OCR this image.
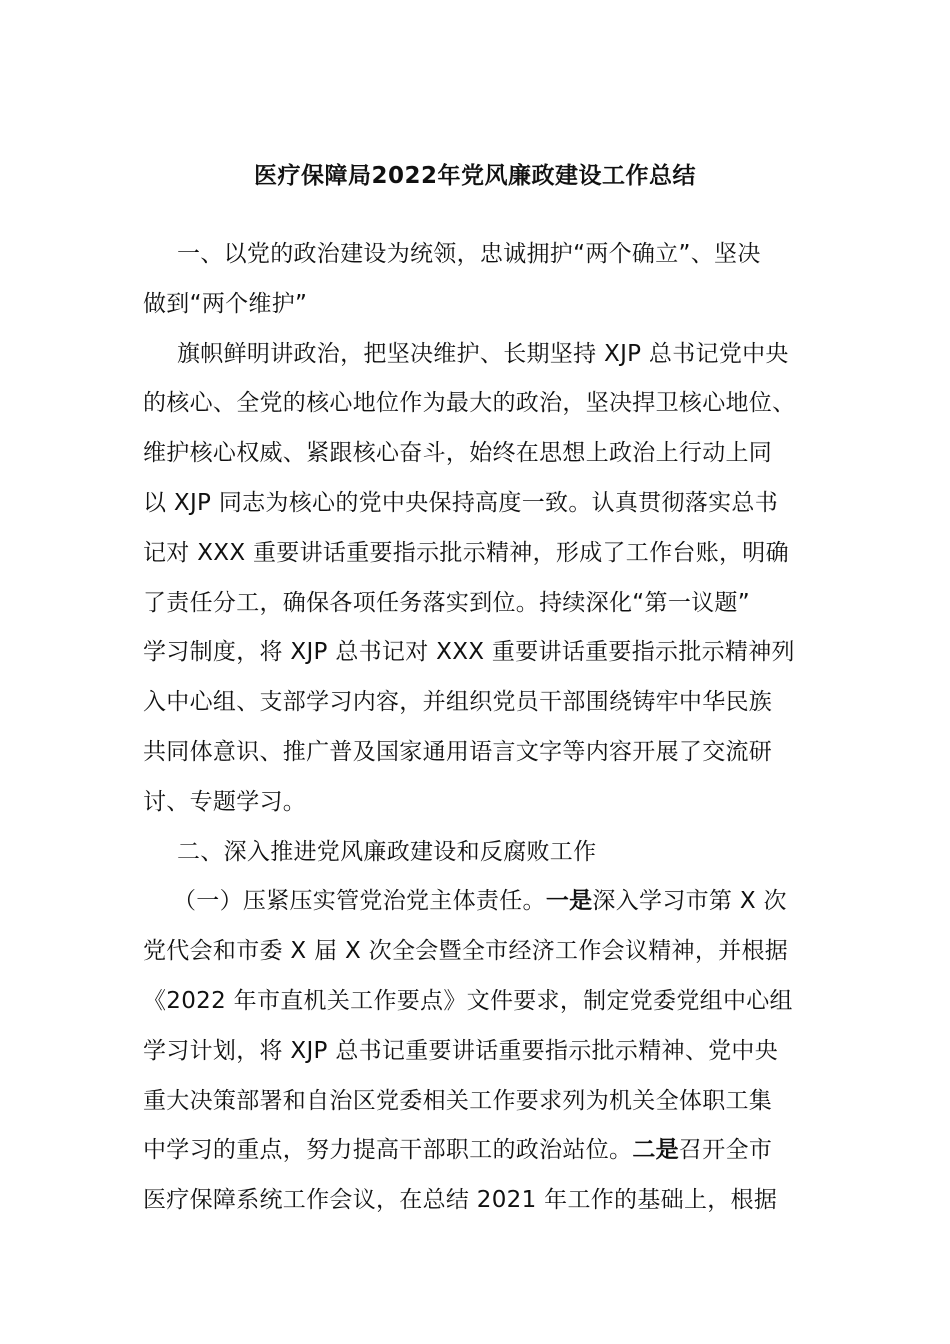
医疗保障局2022年党风廉政建设工作总结
一、以党的政治建设为统领，忠诚拥护“两个确立”、坚决
做到“两个维护”
旗帜鲜明讲政治，把坚决维护、长期坚持 XJP 总书记党中央
的核心、全党的核心地位作为最大的政治，坚决捍卫核心地位、
维护核心权威、紧跟核心奋斗，始终在思想上政治上行动上同
以 XJP 同志为核心的党中央保持高度一致。认真贯彻落实总书
记对 XXX 重要讲话重要指示批示精神，形成了工作台账，明确
了责任分工，确保各项任务落实到位。持续深化“第一议题”
学习制度，将 XJP 总书记对 XXX 重要讲话重要指示批示精神列
入中心组、支部学习内容，并组织党员干部围绕铸牢中华民族
共同体意识、推广普及国家通用语言文字等内容开展了交流研
讨、专题学习。
二、深入推进党风廉政建设和反腐败工作
（一）压紧压实管党治党主体责任。一是深入学习市第 X 次
党代会和市委 X 届 X 次全会暨全市经济工作会议精神，并根据
《2022 年市直机关工作要点》文件要求，制定党委党组中心组
学习计划，将 XJP 总书记重要讲话重要指示批示精神、党中央
重大决策部署和自治区党委相关工作要求列为机关全体职工集
中学习的重点，努力提高干部职工的政治站位。二是召开全市
医疗保障系统工作会议，在总结 2021 年工作的基础上，根据
